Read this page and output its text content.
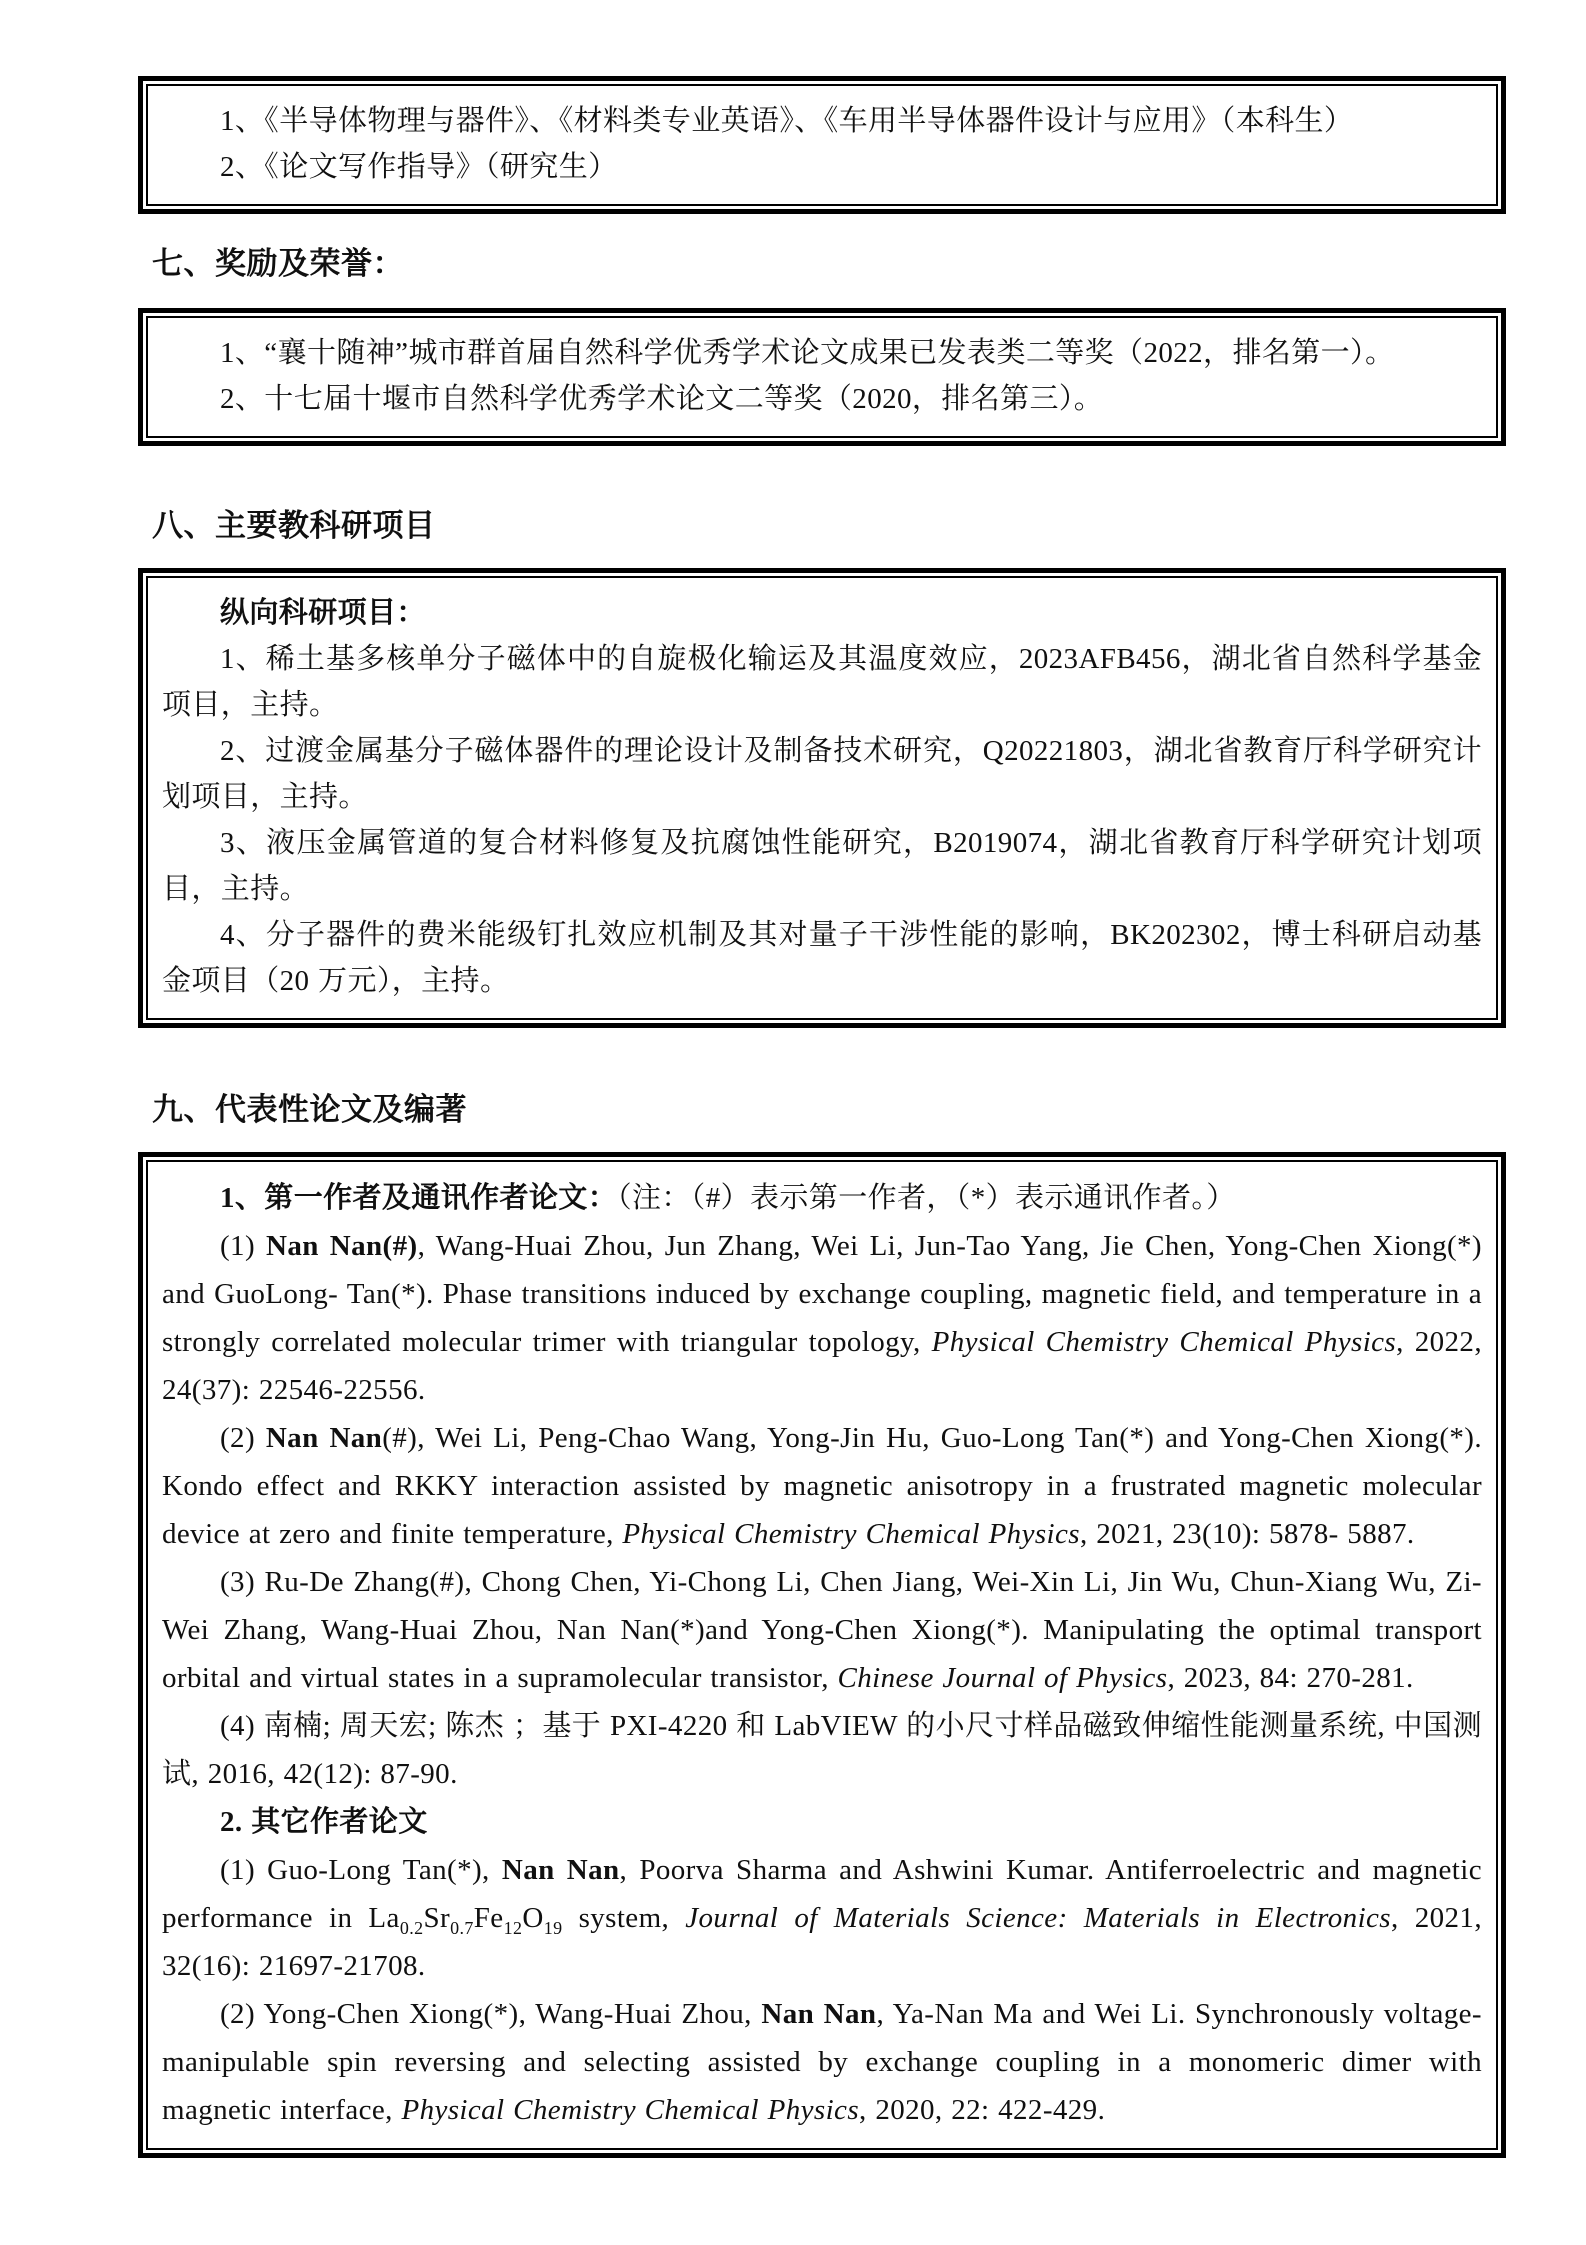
1、《半导体物理与器件》、《材料类专业英语》、《车用半导体器件设计与应用》（本科生）

2、《论文写作指导》（研究生）

七、奖励及荣誉：

1、“襄十随神”城市群首届自然科学优秀学术论文成果已发表类二等奖（2022，排名第一）。

2、十七届十堰市自然科学优秀学术论文二等奖（2020，排名第三）。

八、主要教科研项目

纵向科研项目：

1、稀土基多核单分子磁体中的自旋极化输运及其温度效应，2023AFB456，湖北省自然科学基金项目，主持。

2、过渡金属基分子磁体器件的理论设计及制备技术研究，Q20221803，湖北省教育厅科学研究计划项目，主持。

3、液压金属管道的复合材料修复及抗腐蚀性能研究，B2019074，湖北省教育厅科学研究计划项目，主持。

4、分子器件的费米能级钉扎效应机制及其对量子干涉性能的影响，BK202302，博士科研启动基金项目（20 万元），主持。

九、代表性论文及编著

1、第一作者及通讯作者论文：（注：（#）表示第一作者，（*）表示通讯作者。）

(1) Nan Nan(#), Wang-Huai Zhou, Jun Zhang, Wei Li, Jun-Tao Yang, Jie Chen, Yong-Chen Xiong(*) and GuoLong- Tan(*). Phase transitions induced by exchange coupling, magnetic field, and temperature in a strongly correlated molecular trimer with triangular topology, Physical Chemistry Chemical Physics, 2022, 24(37): 22546-22556.

(2) Nan Nan(#), Wei Li, Peng-Chao Wang, Yong-Jin Hu, Guo-Long Tan(*) and Yong-Chen Xiong(*). Kondo effect and RKKY interaction assisted by magnetic anisotropy in a frustrated magnetic molecular device at zero and finite temperature, Physical Chemistry Chemical Physics, 2021, 23(10): 5878- 5887.

(3) Ru-De Zhang(#), Chong Chen, Yi-Chong Li, Chen Jiang, Wei-Xin Li, Jin Wu, Chun-Xiang Wu, Zi-Wei Zhang, Wang-Huai Zhou, Nan Nan(*)and Yong-Chen Xiong(*). Manipulating the optimal transport orbital and virtual states in a supramolecular transistor, Chinese Journal of Physics, 2023, 84: 270-281.

(4) 南楠; 周天宏; 陈杰 ；基于 PXI-4220 和 LabVIEW 的小尺寸样品磁致伸缩性能测量系统, 中国测试, 2016, 42(12): 87-90.

2. 其它作者论文

(1) Guo-Long Tan(*), Nan Nan, Poorva Sharma and Ashwini Kumar. Antiferroelectric and magnetic performance in $La_{0.2}Sr_{0.7}Fe_{12}O_{19}$ system, Journal of Materials Science: Materials in Electronics, 2021, 32(16): 21697-21708.

(2) Yong-Chen Xiong(*), Wang-Huai Zhou, Nan Nan, Ya-Nan Ma and Wei Li. Synchronously voltage-manipulable spin reversing and selecting assisted by exchange coupling in a monomeric dimer with magnetic interface, Physical Chemistry Chemical Physics, 2020, 22: 422-429.
